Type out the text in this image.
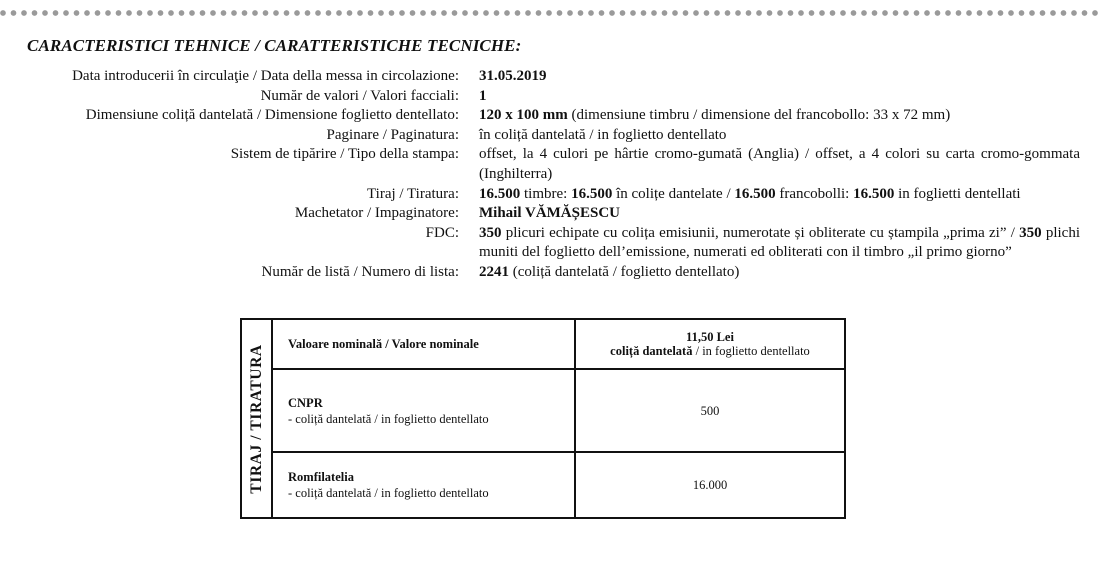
CARACTERISTICI TEHNICE / CARATTERISTICHE TECNICHE:
Data introducerii în circulaţie / Data della messa in circolazione: 31.05.2019
Număr de valori / Valori facciali: 1
Dimensiune coliță dantelată / Dimensione foglietto dentellato: 120 x 100 mm (dimensiune timbru / dimensione del francobollo: 33 x 72 mm)
Paginare / Paginatura: în coliță dantelată / in foglietto dentellato
Sistem de tipărire / Tipo della stampa: offset, la 4 culori pe hârtie cromo-gumată (Anglia) / offset, a 4 colori su carta cromo-gommata (Inghilterra)
Tiraj / Tiratura: 16.500 timbre: 16.500 în colițe dantelate / 16.500 francobolli: 16.500 in foglietti dentellati
Machetator / Impaginatore: Mihail VĂMĂȘESCU
FDC: 350 plicuri echipate cu colița emisiunii, numerotate și obliterate cu ștampila „prima zi” / 350 plichi muniti del foglietto dell’emissione, numerati ed obliterati con il timbro „il primo giorno”
Număr de listă / Numero di lista: 2241 (coliță dantelată / foglietto dentellato)
TIRAJ / TIRATURA	Valoare nominală / Valore nominale	11,50 Lei
coliță dantelată / in foglietto dentellato
CNPR
- coliță dantelată / in foglietto dentellato
500
Romfilatelia
- coliță dantelată / in foglietto dentellato
16.000
